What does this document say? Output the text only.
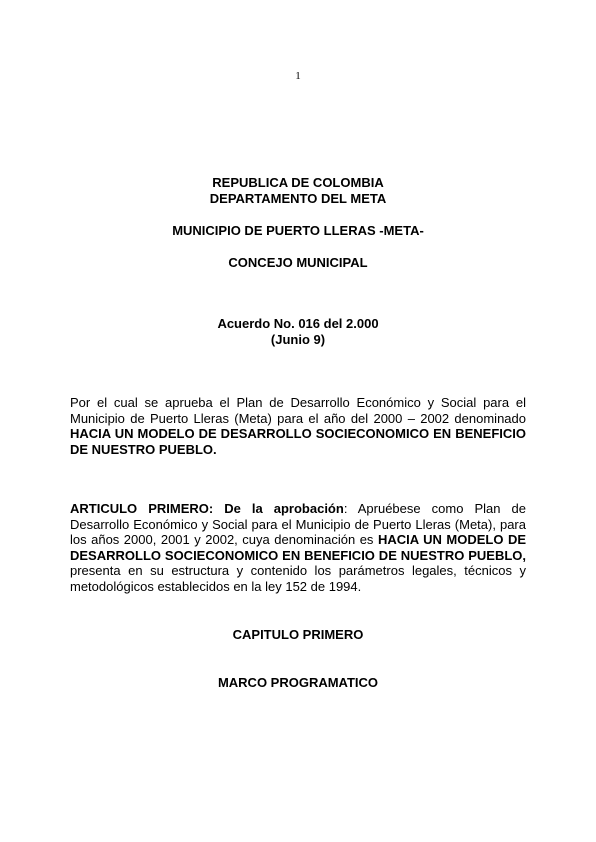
1
REPUBLICA DE COLOMBIA
DEPARTAMENTO DEL META
MUNICIPIO DE PUERTO LLERAS -META-
CONCEJO MUNICIPAL
Acuerdo No. 016 del 2.000
(Junio 9)
Por el cual se aprueba el Plan de Desarrollo Económico y Social para el Municipio de Puerto Lleras (Meta) para el año del 2000 – 2002 denominado HACIA UN MODELO DE DESARROLLO SOCIECONOMICO EN BENEFICIO DE NUESTRO PUEBLO.
ARTICULO PRIMERO: De la aprobación: Apruébese como Plan de Desarrollo Económico y Social para el Municipio de Puerto Lleras (Meta), para los años 2000, 2001 y 2002, cuya denominación es HACIA UN MODELO DE DESARROLLO SOCIECONOMICO EN BENEFICIO DE NUESTRO PUEBLO, presenta en su estructura y contenido los parámetros legales, técnicos y metodológicos establecidos en la ley 152 de 1994.
CAPITULO PRIMERO
MARCO PROGRAMATICO
